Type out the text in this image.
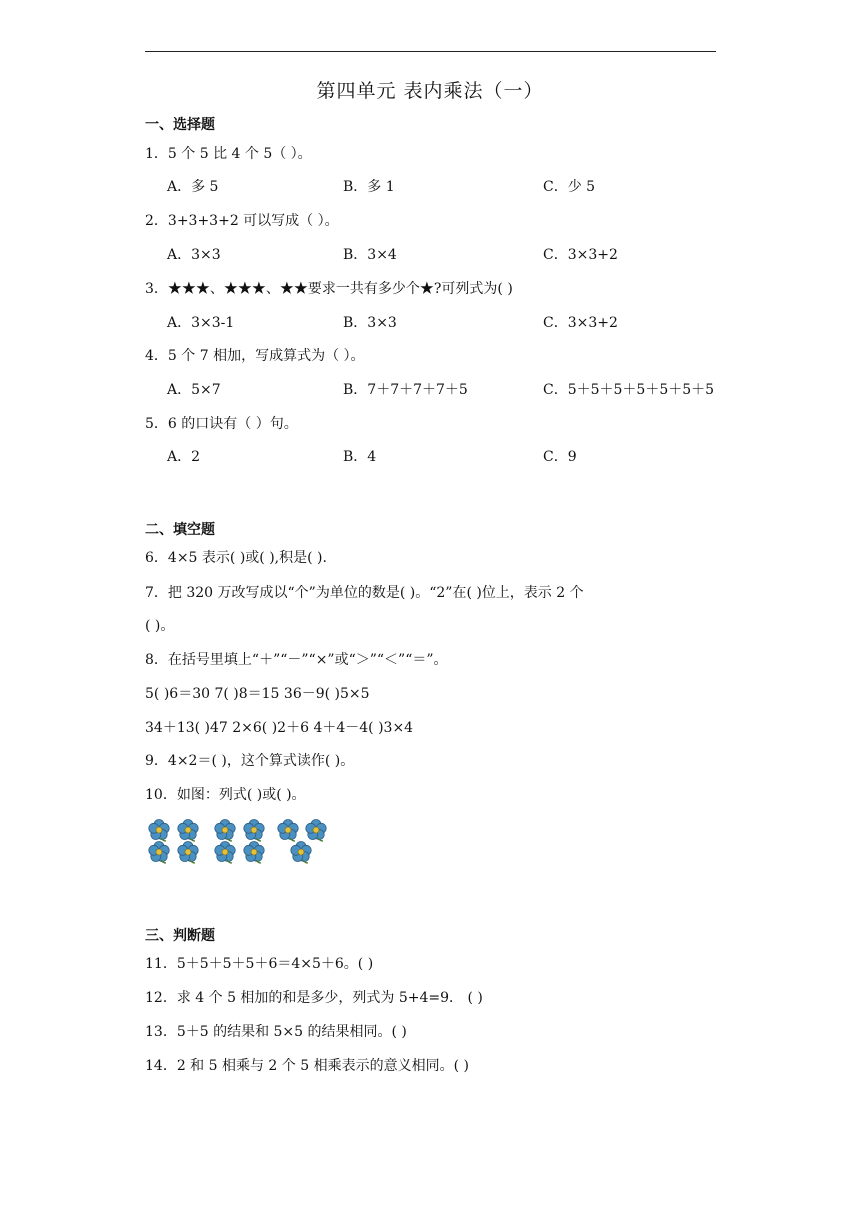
第四单元 表内乘法（一）
一、选择题
1．5 个 5 比 4 个 5（ ）。
A．多 5	B．多 1	C．少 5
2．3+3+3+2 可以写成（ ）。
A．3×3	B．3×4	C．3×3+2
3．★★★、★★★、★★要求一共有多少个★?可列式为( )
A．3×3-1	B．3×3	C．3×3+2
4．5 个 7 相加，写成算式为（ ）。
A．5×7	B．7＋7＋7＋7＋5	C．5＋5＋5＋5＋5＋5＋5
5．6 的口诀有（ ）句。
A．2	B．4	C．9
二、填空题
6．4×5 表示( )或( ),积是( ).
7．把 320 万改写成以“个”为单位的数是( )。“2”在( )位上，表示 2 个
( )。
8．在括号里填上“＋”“－”“×”或“＞”“＜”“＝”。
5( )6＝30 7( )8＝15 36－9( )5×5
34＋13( )47 2×6( )2＋6 4＋4－4( )3×4
9．4×2＝( )，这个算式读作( )。
10．如图：列式( )或( )。
三、判断题
11．5＋5＋5＋5＋6＝4×5＋6。( )
12．求 4 个 5 相加的和是多少，列式为 5+4=9． ( )
13．5＋5 的结果和 5×5 的结果相同。( )
14．2 和 5 相乘与 2 个 5 相乘表示的意义相同。( )
